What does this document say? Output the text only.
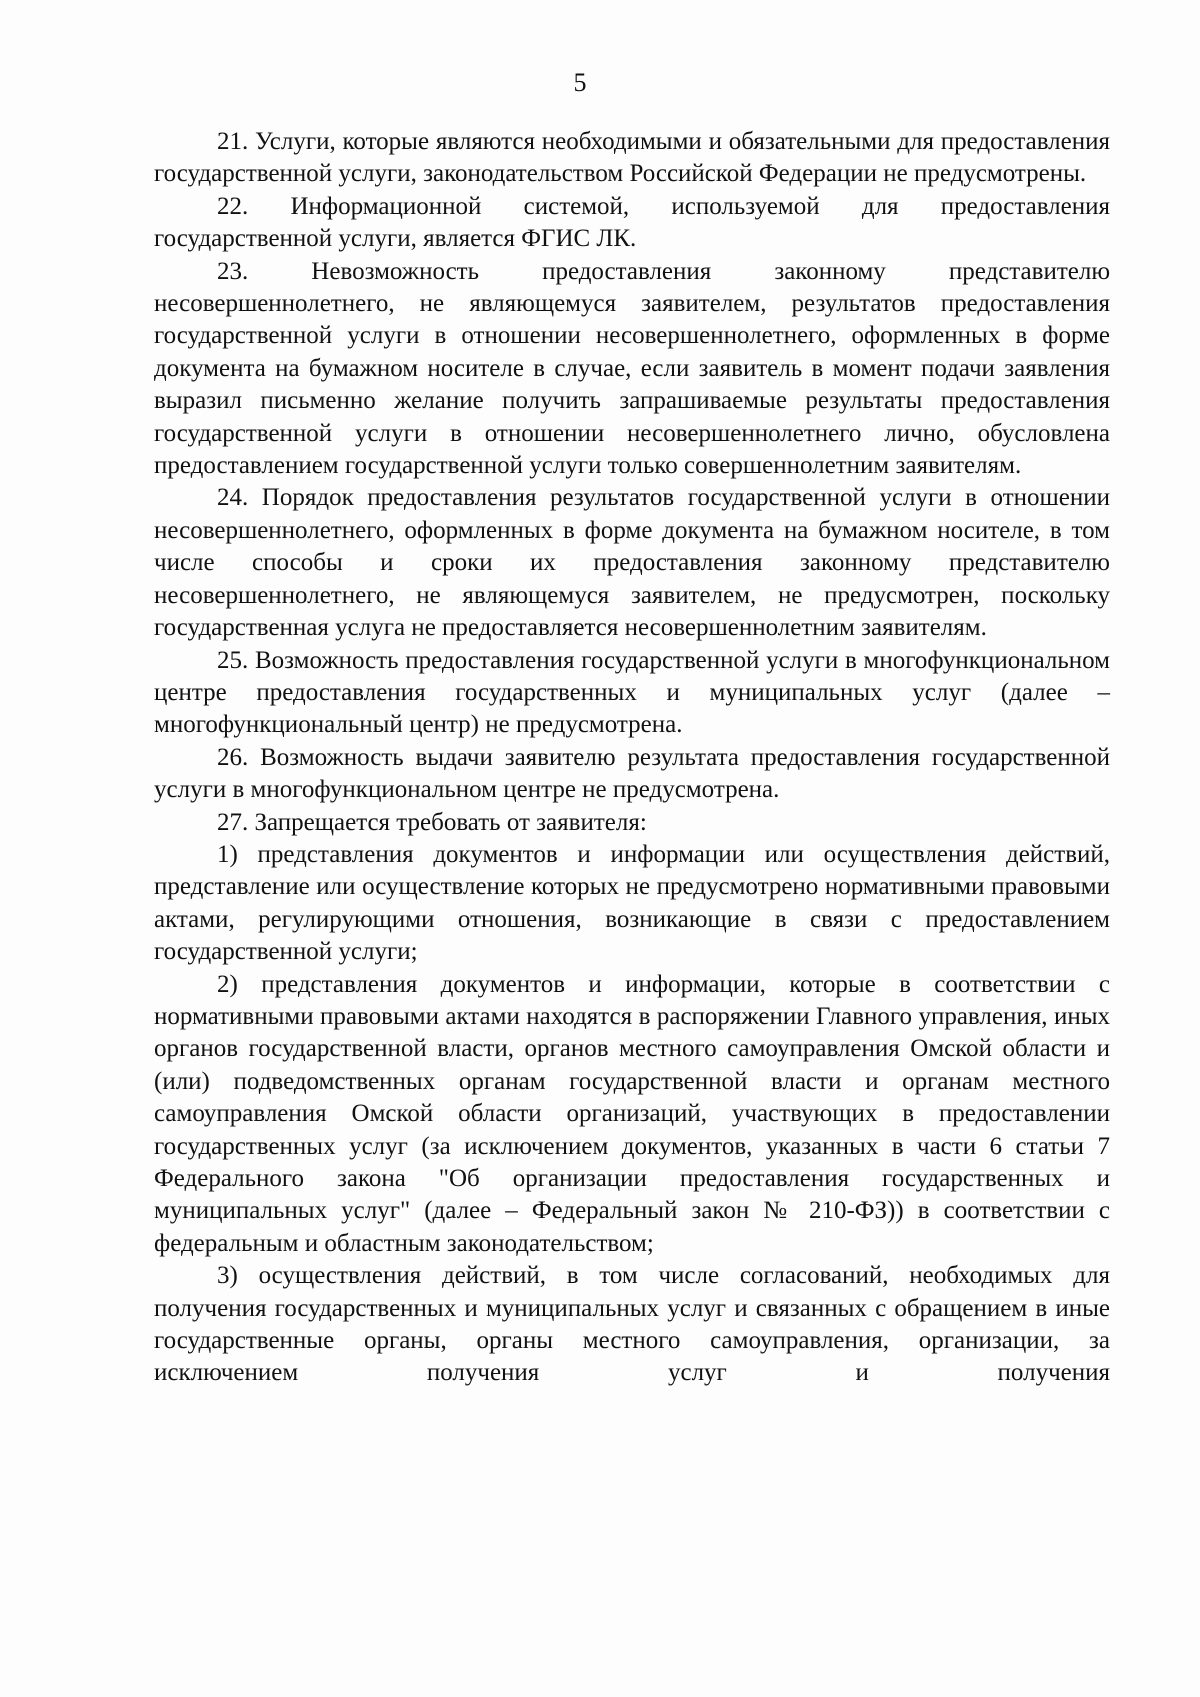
5

21. Услуги, которые являются необходимыми и обязательными для предоставления государственной услуги, законодательством Российской Федерации не предусмотрены.

22. Информационной системой, используемой для предоставления государственной услуги, является ФГИС ЛК.

23. Невозможность предоставления законному представителю несовершеннолетнего, не являющемуся заявителем, результатов предоставления государственной услуги в отношении несовершеннолетнего, оформленных в форме документа на бумажном носителе в случае, если заявитель в момент подачи заявления выразил письменно желание получить запрашиваемые результаты предоставления государственной услуги в отношении несовершеннолетнего лично, обусловлена предоставлением государственной услуги только совершеннолетним заявителям.

24. Порядок предоставления результатов государственной услуги в отношении несовершеннолетнего, оформленных в форме документа на бумажном носителе, в том числе способы и сроки их предоставления законному представителю несовершеннолетнего, не являющемуся заявителем, не предусмотрен, поскольку государственная услуга не предоставляется несовершеннолетним заявителям.

25. Возможность предоставления государственной услуги в многофункциональном центре предоставления государственных и муниципальных услуг (далее – многофункциональный центр) не предусмотрена.

26. Возможность выдачи заявителю результата предоставления государственной услуги в многофункциональном центре не предусмотрена.

27. Запрещается требовать от заявителя:

1) представления документов и информации или осуществления действий, представление или осуществление которых не предусмотрено нормативными правовыми актами, регулирующими отношения, возникающие в связи с предоставлением государственной услуги;

2) представления документов и информации, которые в соответствии с нормативными правовыми актами находятся в распоряжении Главного управления, иных органов государственной власти, органов местного самоуправления Омской области и (или) подведомственных органам государственной власти и органам местного самоуправления Омской области организаций, участвующих в предоставлении государственных услуг (за исключением документов, указанных в части 6 статьи 7 Федерального закона "Об организации предоставления государственных и муниципальных услуг" (далее – Федеральный закон № 210-ФЗ)) в соответствии с федеральным и областным законодательством;

3) осуществления действий, в том числе согласований, необходимых для получения государственных и муниципальных услуг и связанных с обращением в иные государственные органы, органы местного самоуправления, организации, за исключением получения услуг и получения
